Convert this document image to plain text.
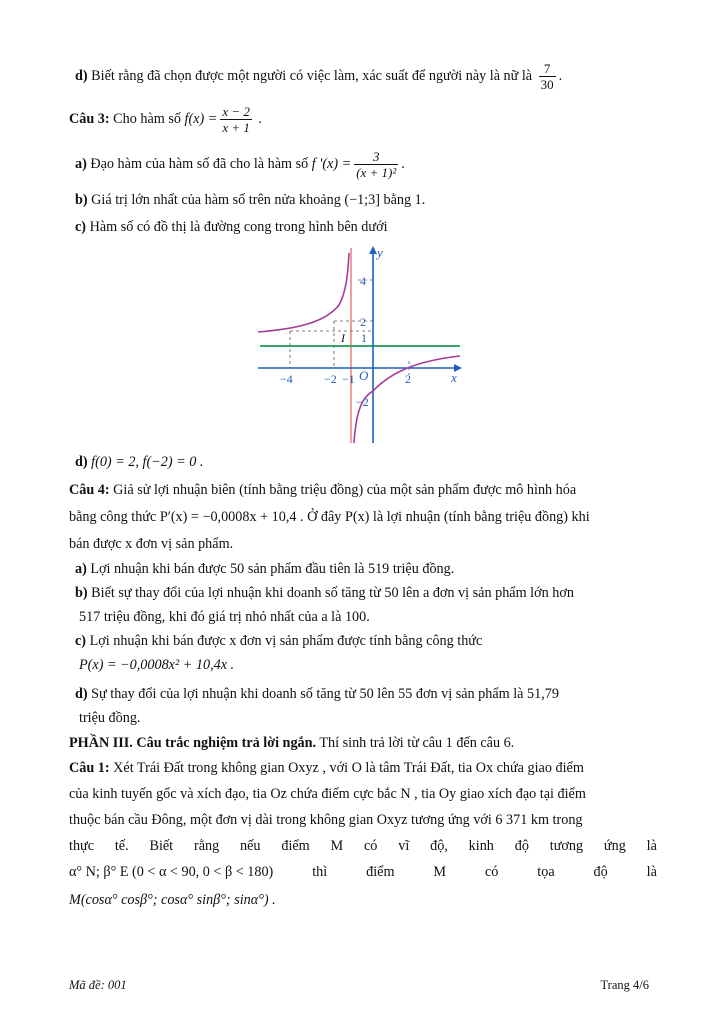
d) Biết rằng đã chọn được một người có việc làm, xác suất để người này là nữ là $\frac{7}{30}$ .
Câu 3: Cho hàm số $f(x) = \frac{x - 2}{x + 1}$ .
a) Đạo hàm của hàm số đã cho là hàm số f '$(x) = \frac{3}{\text{(x + 1)²}}$ .
b) Giá trị lớn nhất của hàm số trên nửa khoảng (−1;3] bằng 1.
c) Hàm số có đồ thị là đường cong trong hình bên dưới
x
y
O
−4	−2 −1	2
4
2
1
−2
I
d) f(0) = 2, f(−2) = 0 .
Câu 4: Giả sử lợi nhuận biên (tính bằng triệu đồng) của một sản phẩm được mô hình hóa
bằng công thức P′(x) = −0,0008x + 10,4 . Ở đây P(x) là lợi nhuận (tính bằng triệu đồng) khi
bán được x đơn vị sản phẩm.
a) Lợi nhuận khi bán được 50 sản phẩm đầu tiên là 519 triệu đồng.
b) Biết sự thay đổi của lợi nhuận khi doanh số tăng từ 50 lên a đơn vị sản phẩm lớn hơn
517 triệu đồng, khi đó giá trị nhỏ nhất của a là 100.
c) Lợi nhuận khi bán được x đơn vị sản phẩm được tính bằng công thức
P(x) = −0,0008x² + 10,4x .
d) Sự thay đổi của lợi nhuận khi doanh số tăng từ 50 lên 55 đơn vị sản phẩm là 51,79
triệu đồng.
PHẦN III. Câu trắc nghiệm trả lời ngắn. Thí sinh trả lời từ câu 1 đến câu 6.
Câu 1: Xét Trái Đất trong không gian Oxyz , với O là tâm Trái Đất, tia Ox chứa giao điểm
của kinh tuyến gốc và xích đạo, tia Oz chứa điểm cực bắc N , tia Oy giao xích đạo tại điểm
thuộc bán cầu Đông, một đơn vị dài trong không gian Oxyz tương ứng với 6 371 km trong
thực tế. Biết rằng nếu điểm M có vĩ độ, kinh độ tương ứng là
α° N; β° E (0 < α < 90, 0 < β < 180)	thì	điểm	M	có	tọa	độ	là
M(cosα° cosβ°; cosα° sinβ°; sinα°) .
Mã đề: 001	Trang 4/6
